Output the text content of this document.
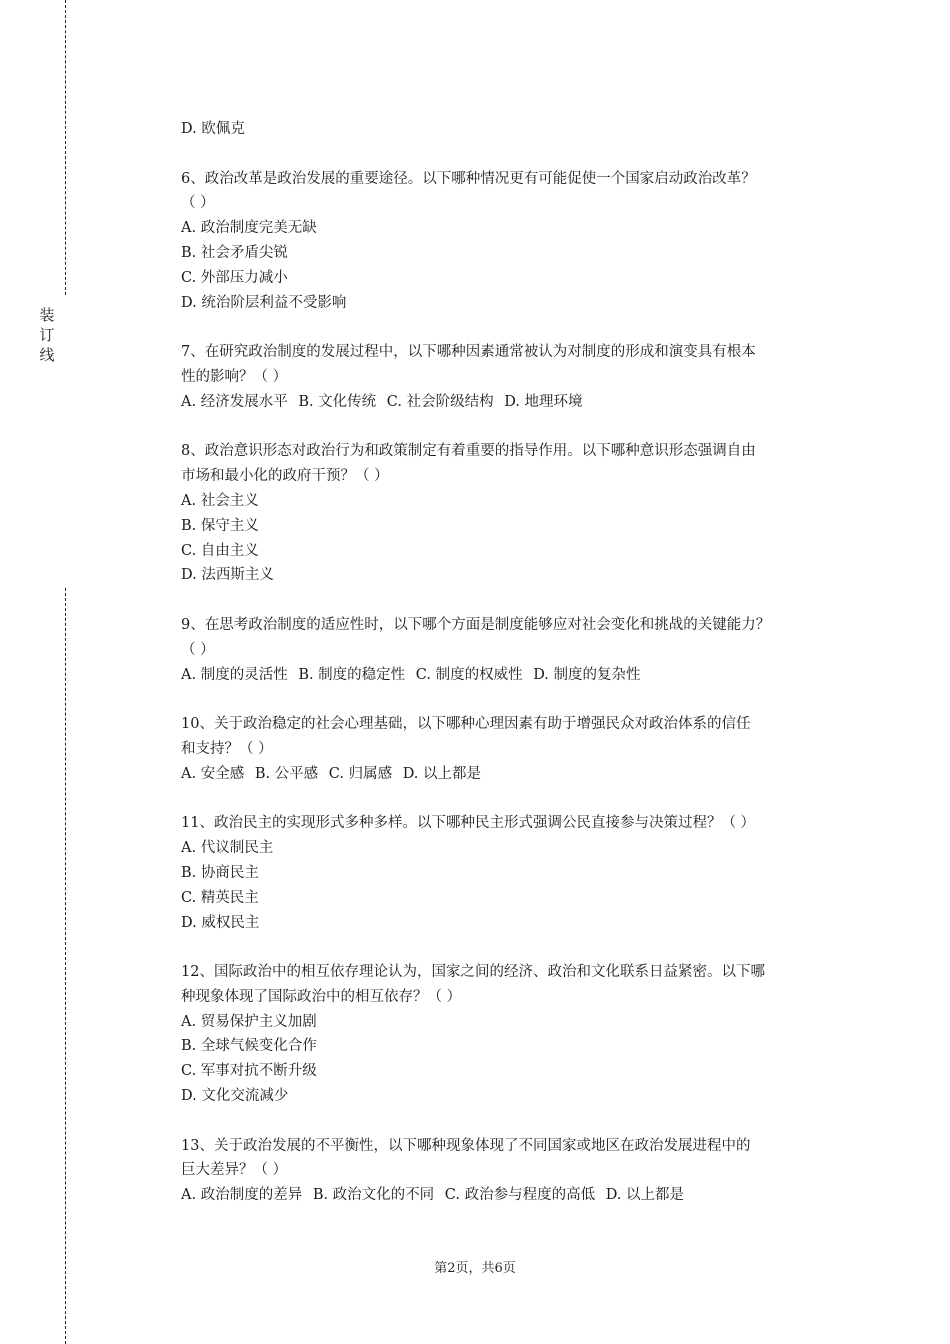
装
订
线
D. 欧佩克
6、政治改革是政治发展的重要途径。以下哪种情况更有可能促使一个国家启动政治改革？
（ ）
A. 政治制度完美无缺
B. 社会矛盾尖锐
C. 外部压力减小
D. 统治阶层利益不受影响
7、在研究政治制度的发展过程中，以下哪种因素通常被认为对制度的形成和演变具有根本
性的影响？（ ）
A. 经济发展水平 B. 文化传统 C. 社会阶级结构 D. 地理环境
8、政治意识形态对政治行为和政策制定有着重要的指导作用。以下哪种意识形态强调自由
市场和最小化的政府干预？（ ）
A. 社会主义
B. 保守主义
C. 自由主义
D. 法西斯主义
9、在思考政治制度的适应性时，以下哪个方面是制度能够应对社会变化和挑战的关键能力？
（ ）
A. 制度的灵活性 B. 制度的稳定性 C. 制度的权威性 D. 制度的复杂性
10、关于政治稳定的社会心理基础，以下哪种心理因素有助于增强民众对政治体系的信任
和支持？（ ）
A. 安全感 B. 公平感 C. 归属感 D. 以上都是
11、政治民主的实现形式多种多样。以下哪种民主形式强调公民直接参与决策过程？（ ）
A. 代议制民主
B. 协商民主
C. 精英民主
D. 威权民主
12、国际政治中的相互依存理论认为，国家之间的经济、政治和文化联系日益紧密。以下哪
种现象体现了国际政治中的相互依存？（ ）
A. 贸易保护主义加剧
B. 全球气候变化合作
C. 军事对抗不断升级
D. 文化交流减少
13、关于政治发展的不平衡性，以下哪种现象体现了不同国家或地区在政治发展进程中的
巨大差异？（ ）
A. 政治制度的差异 B. 政治文化的不同 C. 政治参与程度的高低 D. 以上都是
第2页，共6页
